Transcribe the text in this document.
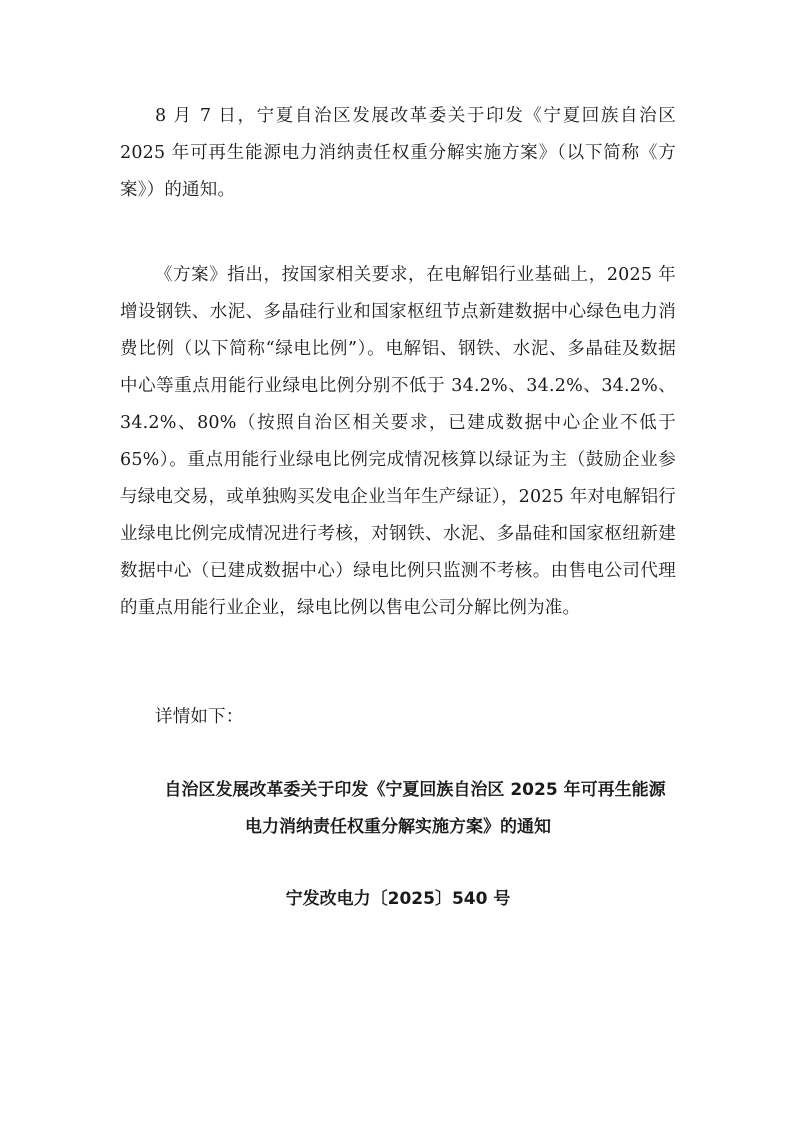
8 月 7 日，宁夏自治区发展改革委关于印发《宁夏回族自治区 2025 年可再生能源电力消纳责任权重分解实施方案》（以下简称《方案》）的通知。

《方案》指出，按国家相关要求，在电解铝行业基础上，2025 年增设钢铁、水泥、多晶硅行业和国家枢纽节点新建数据中心绿色电力消费比例（以下简称“绿电比例”）。电解铝、钢铁、水泥、多晶硅及数据中心等重点用能行业绿电比例分别不低于 34.2%、34.2%、34.2%、34.2%、80%（按照自治区相关要求，已建成数据中心企业不低于 65%）。重点用能行业绿电比例完成情况核算以绿证为主（鼓励企业参与绿电交易，或单独购买发电企业当年生产绿证），2025 年对电解铝行业绿电比例完成情况进行考核，对钢铁、水泥、多晶硅和国家枢纽新建数据中心（已建成数据中心）绿电比例只监测不考核。由售电公司代理的重点用能行业企业，绿电比例以售电公司分解比例为准。

详情如下：

自治区发展改革委关于印发《宁夏回族自治区 2025 年可再生能源

电力消纳责任权重分解实施方案》的通知

宁发改电力〔2025〕540 号
